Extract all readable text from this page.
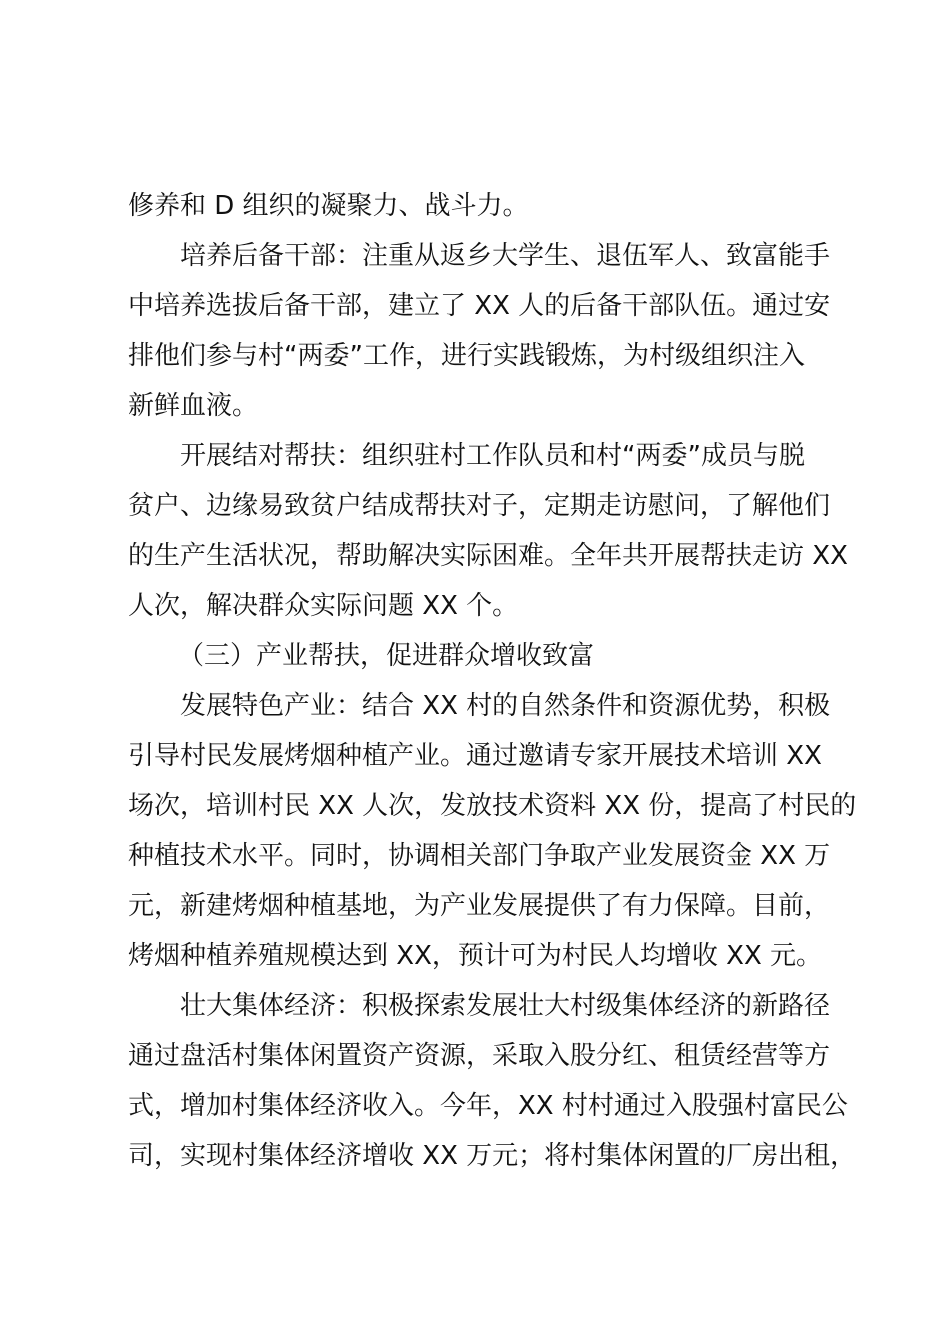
修养和 D 组织的凝聚力、战斗力。
培养后备干部：注重从返乡大学生、退伍军人、致富能手
中培养选拔后备干部，建立了 XX 人的后备干部队伍。通过安
排他们参与村“两委”工作，进行实践锻炼，为村级组织注入
新鲜血液。
开展结对帮扶：组织驻村工作队员和村“两委”成员与脱
贫户、边缘易致贫户结成帮扶对子，定期走访慰问，了解他们
的生产生活状况，帮助解决实际困难。全年共开展帮扶走访 XX
人次，解决群众实际问题 XX 个。
（三）产业帮扶，促进群众增收致富
发展特色产业：结合 XX 村的自然条件和资源优势，积极
引导村民发展烤烟种植产业。通过邀请专家开展技术培训 XX
场次，培训村民 XX 人次，发放技术资料 XX 份，提高了村民的
种植技术水平。同时，协调相关部门争取产业发展资金 XX 万
元，新建烤烟种植基地，为产业发展提供了有力保障。目前，
烤烟种植养殖规模达到 XX，预计可为村民人均增收 XX 元。
壮大集体经济：积极探索发展壮大村级集体经济的新路径
通过盘活村集体闲置资产资源，采取入股分红、租赁经营等方
式，增加村集体经济收入。今年，XX 村村通过入股强村富民公
司，实现村集体经济增收 XX 万元；将村集体闲置的厂房出租，
